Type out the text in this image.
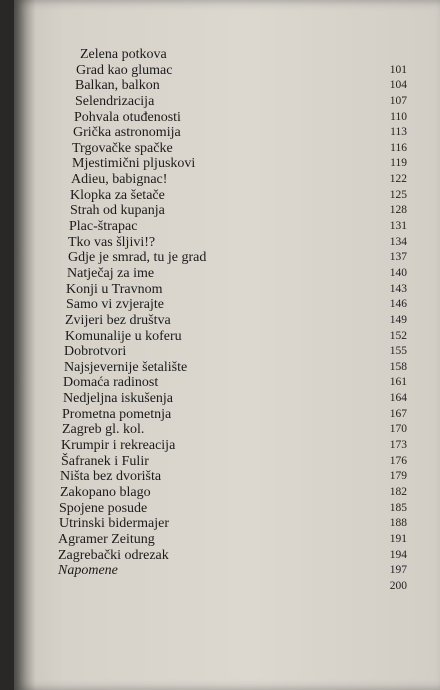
Zelena potkova
Grad kao glumac	101
Balkan, balkon	104
Selendrizacija	107
Pohvala otuđenosti	110
Grička astronomija	113
Trgovačke spačke	116
Mjestimični pljuskovi	119
Adieu, babignac!	122
Klopka za šetače	125
Strah od kupanja	128
Plac-štrapac	131
Tko vas šljivi!?	134
Gdje je smrad, tu je grad	137
Natječaj za ime	140
Konji u Travnom	143
Samo vi zvjerajte	146
Zvijeri bez društva	149
Komunalije u koferu	152
Dobrotvori	155
Najsjevernije šetalište	158
Domaća radinost	161
Nedjeljna iskušenja	164
Prometna pometnja	167
Zagreb gl. kol.	170
Krumpir i rekreacija	173
Šafranek i Fulir	176
Ništa bez dvorišta	179
Zakopano blago	182
Spojene posude	185
Utrinski bidermajer	188
Agramer Zeitung	191
Zagrebački odrezak	194
Napomene	197
200
